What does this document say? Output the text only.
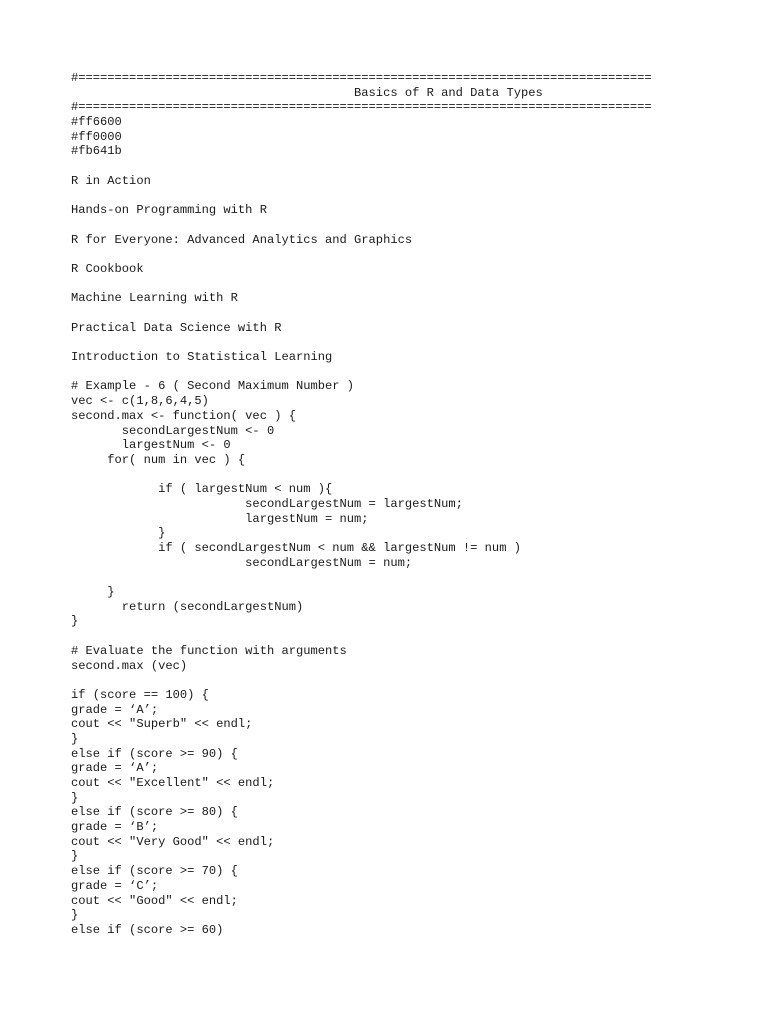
#===============================================================================
Basics of R and Data Types
#===============================================================================
#ff6600
#ff0000
#fb641b
R in Action
Hands-on Programming with R
R for Everyone: Advanced Analytics and Graphics
R Cookbook
Machine Learning with R
Practical Data Science with R
Introduction to Statistical Learning
# Example - 6 ( Second Maximum Number )
vec <- c(1,8,6,4,5)
second.max <- function( vec ) {
secondLargestNum <- 0
largestNum <- 0
for( num in vec ) {
if ( largestNum < num ){
secondLargestNum = largestNum;
largestNum = num;
}
if ( secondLargestNum < num && largestNum != num )
secondLargestNum = num;
}
return (secondLargestNum)
}
# Evaluate the function with arguments
second.max (vec)
if (score == 100) {
grade = ‘A’;
cout << "Superb" << endl;
}
else if (score >= 90) {
grade = ‘A’;
cout << "Excellent" << endl;
}
else if (score >= 80) {
grade = ‘B’;
cout << "Very Good" << endl;
}
else if (score >= 70) {
grade = ‘C’;
cout << "Good" << endl;
}
else if (score >= 60)
